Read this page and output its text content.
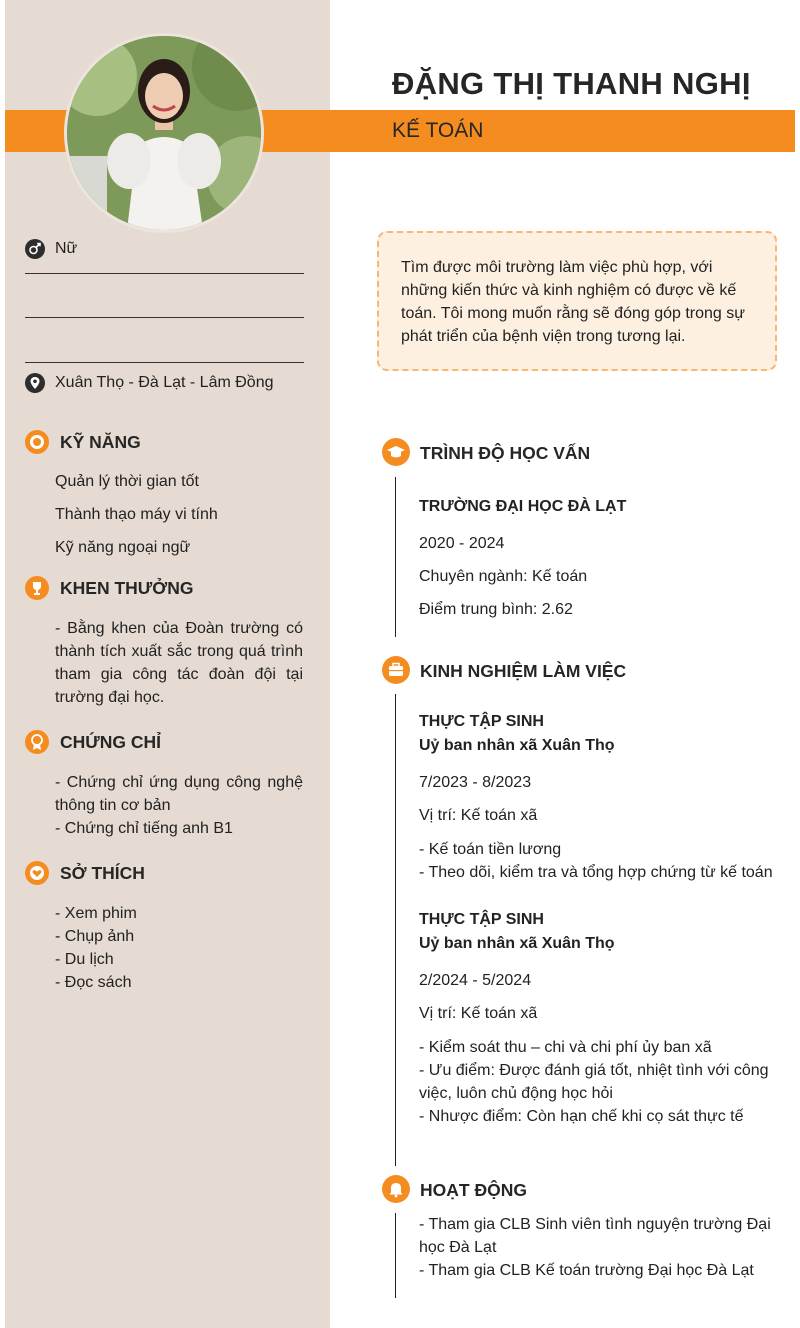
ĐẶNG THỊ THANH NGHỊ
KẾ TOÁN
Nữ
Xuân Thọ - Đà Lạt - Lâm Đồng
KỸ NĂNG
Quản lý thời gian tốt
Thành thạo máy vi tính
Kỹ năng ngoại ngữ
KHEN THƯỞNG
- Bằng khen của Đoàn trường có thành tích xuất sắc trong quá trình tham gia công tác đoàn đội tại trường đại học.
CHỨNG CHỈ
- Chứng chỉ ứng dụng công nghệ thông tin cơ bản
- Chứng chỉ tiếng anh B1
SỞ THÍCH
- Xem phim
- Chụp ảnh
- Du lịch
- Đọc sách
Tìm được môi trường làm việc phù hợp, với những kiến thức và kinh nghiệm có được về kế toán. Tôi mong muốn rằng sẽ đóng góp trong sự phát triển của bệnh viện trong tương lại.
TRÌNH ĐỘ HỌC VẤN
TRƯỜNG ĐẠI HỌC ĐÀ LẠT
2020 - 2024
Chuyên ngành: Kế toán
Điểm trung bình: 2.62
KINH NGHIỆM LÀM VIỆC
THỰC TẬP SINH
Uỷ ban nhân xã Xuân Thọ
7/2023 - 8/2023
Vị trí: Kế toán xã
- Kế toán tiền lương
- Theo dõi, kiểm tra và tổng hợp chứng từ kế toán
THỰC TẬP SINH
Uỷ ban nhân xã Xuân Thọ
2/2024 - 5/2024
Vị trí: Kế toán xã
- Kiểm soát thu – chi và chi phí ủy ban xã
- Ưu điểm: Được đánh giá tốt, nhiệt tình với công việc, luôn chủ động học hỏi
- Nhược điểm: Còn hạn chế khi cọ sát thực tế
HOẠT ĐỘNG
- Tham gia CLB Sinh viên tình nguyện trường Đại học Đà Lạt
- Tham gia CLB Kế toán trường Đại học Đà Lạt
